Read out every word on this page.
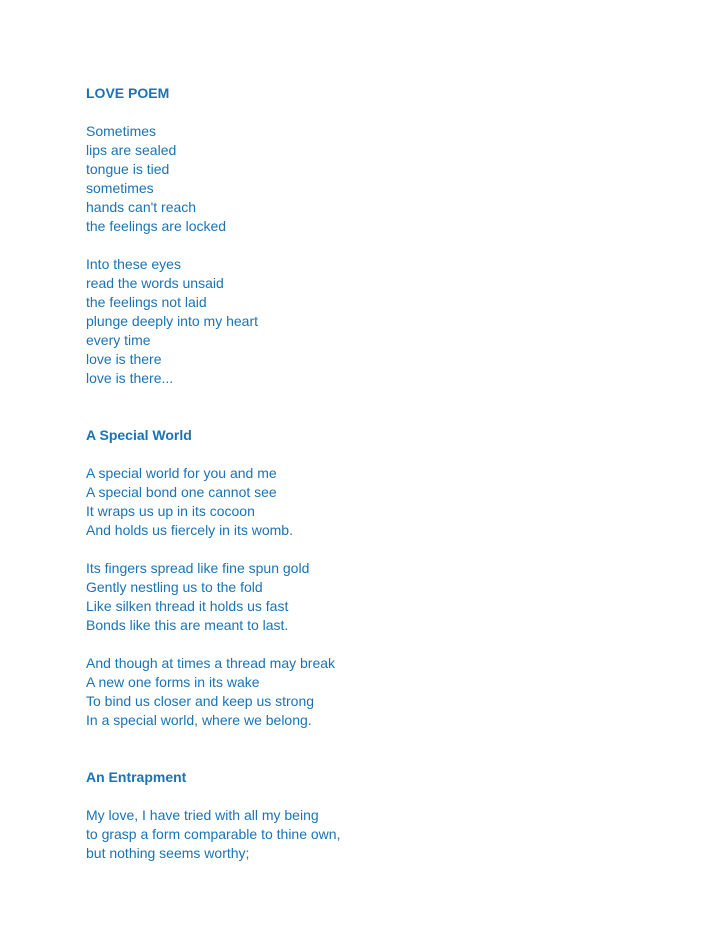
LOVE POEM
Sometimes
lips are sealed
tongue is tied
sometimes
hands can't reach
the feelings are locked
Into these eyes
read the words unsaid
the feelings not laid
plunge deeply into my heart
every time
love is there
love is there...
A Special World
A special world for you and me
A special bond one cannot see
It wraps us up in its cocoon
And holds us fiercely in its womb.
Its fingers spread like fine spun gold
Gently nestling us to the fold
Like silken thread it holds us fast
Bonds like this are meant to last.
And though at times a thread may break
A new one forms in its wake
To bind us closer and keep us strong
In a special world, where we belong.
An Entrapment
My love, I have tried with all my being
to grasp a form comparable to thine own,
but nothing seems worthy;
